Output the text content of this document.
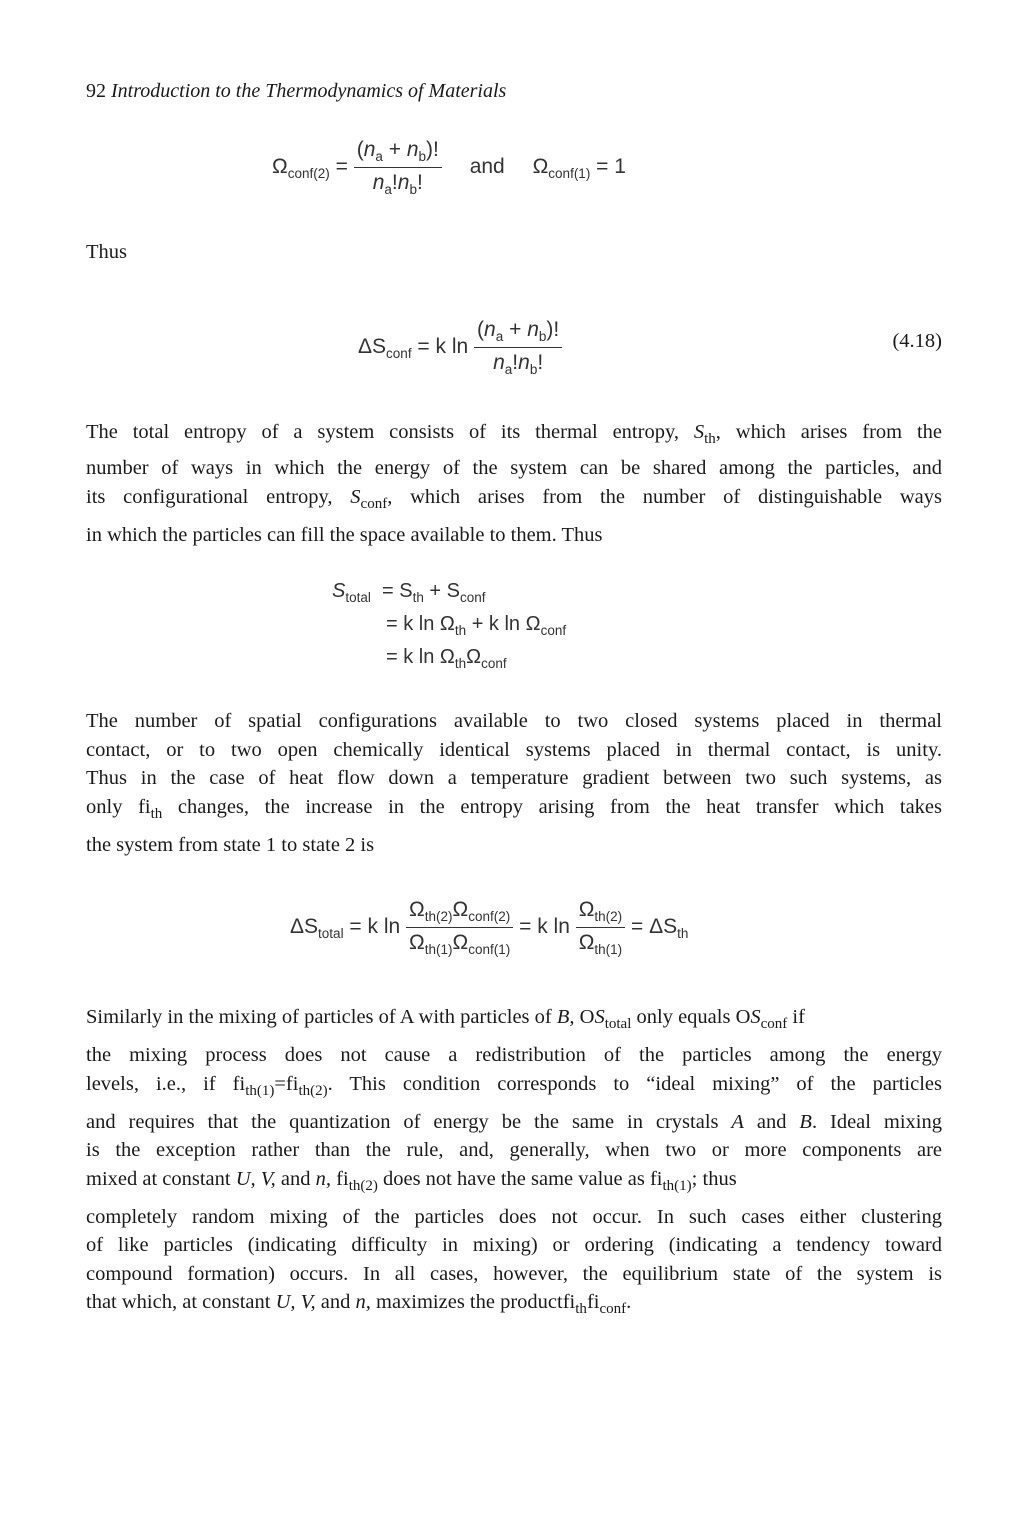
92 Introduction to the Thermodynamics of Materials
$\Omega_{conf(2)} = \frac{(n_a + n_b)!}{n_a!n_b!}$ and $\Omega_{conf(1)} = 1$
Thus
$\Delta S_{conf} = k$ $\ln \frac{(n_a + n_b)!}{n_a!n_b!}$	(4.18)
The total entropy of a system consists of its thermal entropy, $S_{th}$, which arises from the
number of ways in which the energy of the system can be shared among the particles, and
its configurational entropy, $S_{conf}$, which arises from the number of distinguishable ways
in which the particles can fill the space available to them. Thus
$S_{total} = S_{th} + S_{conf}$
= k $\ln \Omega_{th} + k$ $\ln \Omega_{conf}$
= k $\ln \Omega_{th}\Omega_{conf}$
The number of spatial configurations available to two closed systems placed in thermal
contact, or to two open chemically identical systems placed in thermal contact, is unity.
Thus in the case of heat flow down a temperature gradient between two such systems, as
only $fi_{th}$ changes, the increase in the entropy arising from the heat transfer which takes
the system from state 1 to state 2 is
$\Delta S_{total} = k$ $\ln \frac{\Omega_{th(2)}\Omega_{conf(2)}}{\Omega_{th(1)}\Omega_{conf(1)}} = k$ $\ln \frac{\Omega_{th(2)}}{\Omega_{th(1)}} = \Delta S_{th}$
Similarly in the mixing of particles of A with particles of B, $OS_{total}$ only equals $OS_{conf}$ if
the mixing process does not cause a redistribution of the particles among the energy
levels, i.e., if $fi_{th(1)}=fi_{th(2)}$. This condition corresponds to “ideal mixing” of the particles
and requires that the quantization of energy be the same in crystals A and B. Ideal mixing
is the exception rather than the rule, and, generally, when two or more components are
mixed at constant U, V, and n, $fi_{th(2)}$ does not have the same value as $fi_{th(1)}$; thus
completely random mixing of the particles does not occur. In such cases either clustering
of like particles (indicating difficulty in mixing) or ordering (indicating a tendency toward
compound formation) occurs. In all cases, however, the equilibrium state of the system is
that which, at constant U, V, and n, maximizes the $productfi_{th}fi_{conf}$.
